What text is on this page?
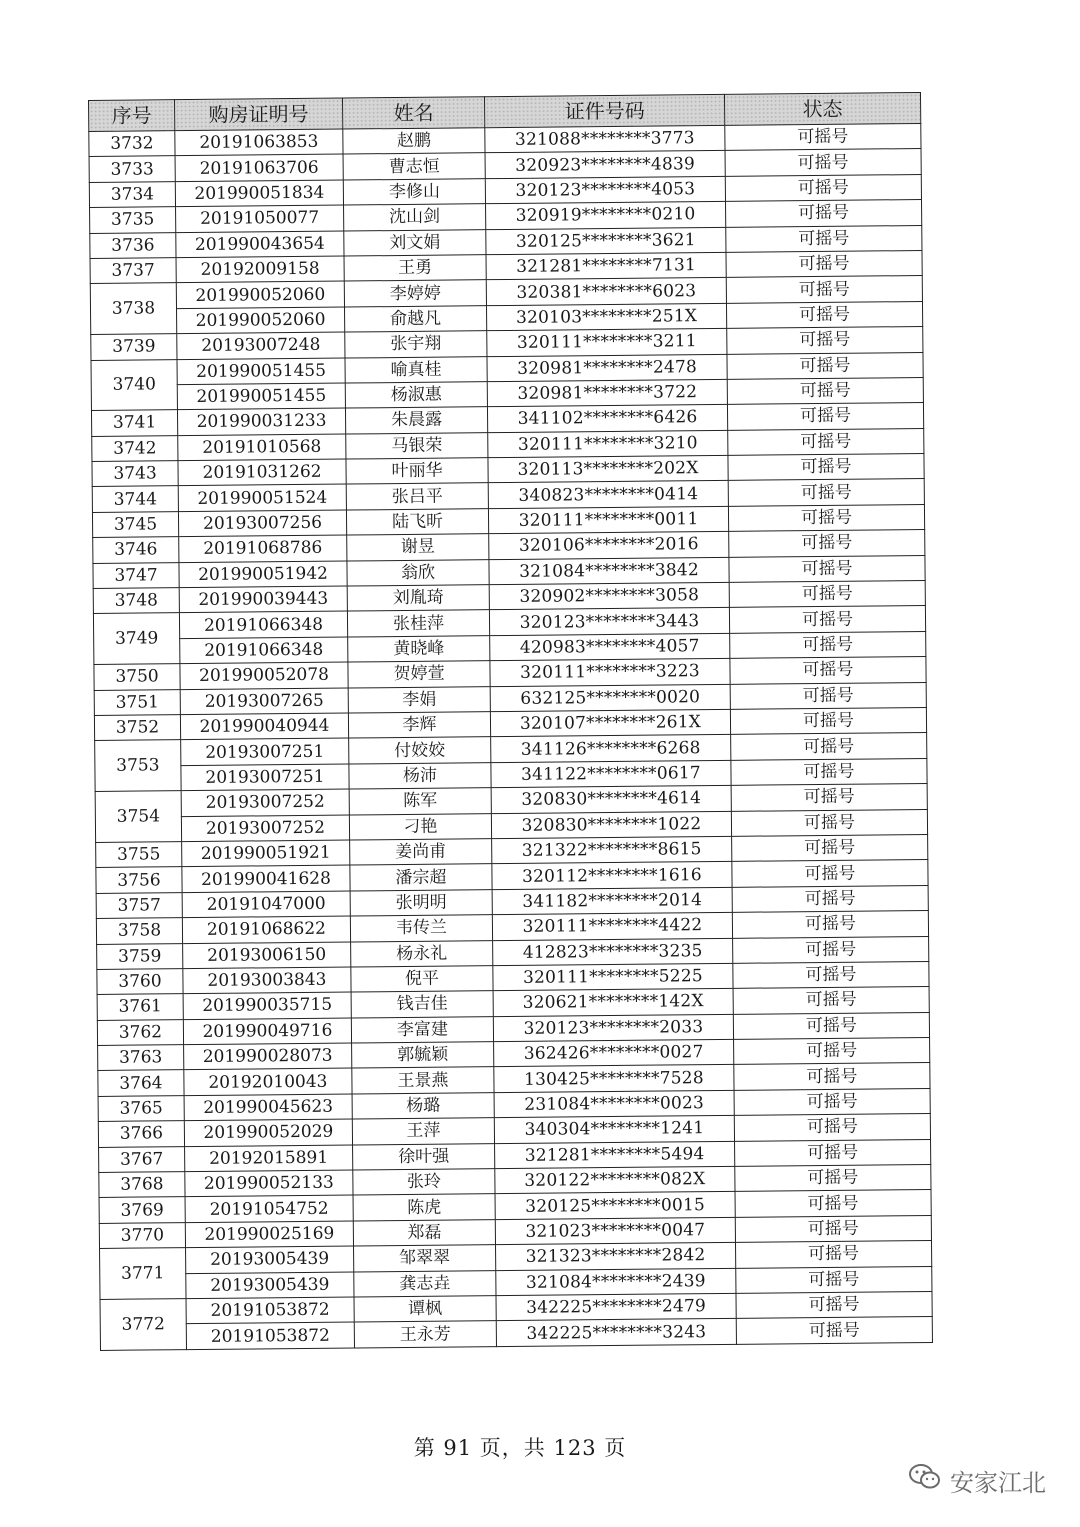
序号	购房证明号	姓名	证件号码	状态
3732	20191063853	赵鹏	321088********3773	可摇号
3733	20191063706	曹志恒	320923********4839	可摇号
3734	201990051834	李修山	320123********4053	可摇号
3735	20191050077	沈山剑	320919********0210	可摇号
3736	201990043654	刘文娟	320125********3621	可摇号
3737	20192009158	王勇	321281********7131	可摇号
3738	201990052060	李婷婷	320381********6023	可摇号
	201990052060	俞越凡	320103********251X	可摇号
3739	20193007248	张宇翔	320111********3211	可摇号
3740	201990051455	喻真桂	320981********2478	可摇号
	201990051455	杨淑惠	320981********3722	可摇号
3741	201990031233	朱晨露	341102********6426	可摇号
3742	20191010568	马银荣	320111********3210	可摇号
3743	20191031262	叶丽华	320113********202X	可摇号
3744	201990051524	张吕平	340823********0414	可摇号
3745	20193007256	陆飞昕	320111********0011	可摇号
3746	20191068786	谢昱	320106********2016	可摇号
3747	201990051942	翁欣	321084********3842	可摇号
3748	201990039443	刘胤琦	320902********3058	可摇号
3749	20191066348	张桂萍	320123********3443	可摇号
	20191066348	黄晓峰	420983********4057	可摇号
3750	201990052078	贺婷萱	320111********3223	可摇号
3751	20193007265	李娟	632125********0020	可摇号
3752	201990040944	李辉	320107********261X	可摇号
3753	20193007251	付姣姣	341126********6268	可摇号
	20193007251	杨沛	341122********0617	可摇号
3754	20193007252	陈军	320830********4614	可摇号
	20193007252	刁艳	320830********1022	可摇号
3755	201990051921	姜尚甫	321322********8615	可摇号
3756	201990041628	潘宗超	320112********1616	可摇号
3757	20191047000	张明明	341182********2014	可摇号
3758	20191068622	韦传兰	320111********4422	可摇号
3759	20193006150	杨永礼	412823********3235	可摇号
3760	20193003843	倪平	320111********5225	可摇号
3761	201990035715	钱吉佳	320621********142X	可摇号
3762	201990049716	李富建	320123********2033	可摇号
3763	201990028073	郭毓颖	362426********0027	可摇号
3764	20192010043	王景燕	130425********7528	可摇号
3765	201990045623	杨璐	231084********0023	可摇号
3766	201990052029	王萍	340304********1241	可摇号
3767	20192015891	徐叶强	321281********5494	可摇号
3768	201990052133	张玲	320122********082X	可摇号
3769	20191054752	陈虎	320125********0015	可摇号
3770	201990025169	郑磊	321023********0047	可摇号
3771	20193005439	邹翠翠	321323********2842	可摇号
	20193005439	龚志垚	321084********2439	可摇号
3772	20191053872	谭枫	342225********2479	可摇号
	20191053872	王永芳	342225********3243	可摇号
第 91 页，共 123 页
安家江北
